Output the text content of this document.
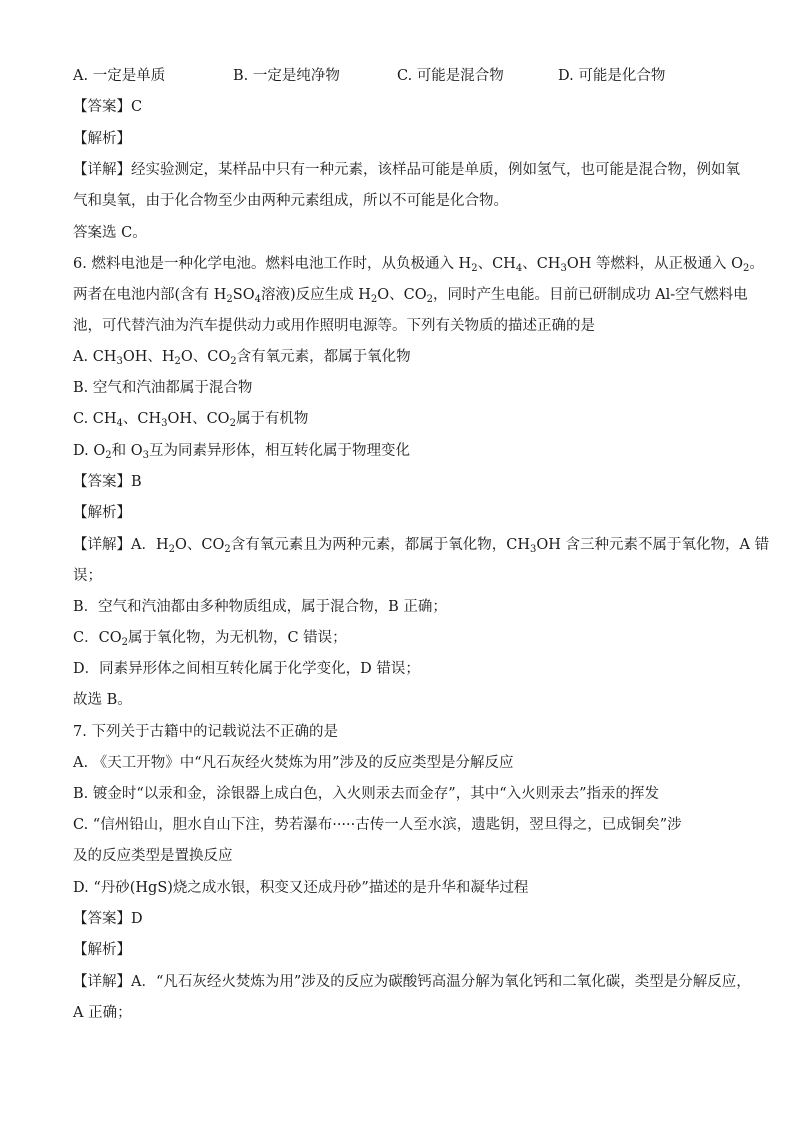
A. 一定是单质	B. 一定是纯净物	C. 可能是混合物	D. 可能是化合物
【答案】C
【解析】
【详解】经实验测定，某样品中只有一种元素，该样品可能是单质，例如氢气，也可能是混合物，例如氧
气和臭氧，由于化合物至少由两种元素组成，所以不可能是化合物。
答案选 C。
6. 燃料电池是一种化学电池。燃料电池工作时，从负极通入 $H_2$、$CH_4$、$CH_3OH$ 等燃料，从正极通入 $O_2$。
两者在电池内部(含有 $H_2SO_4$溶液)反应生成 $H_2O$、$CO_2$，同时产生电能。目前已研制成功 Al-空气燃料电
池，可代替汽油为汽车提供动力或用作照明电源等。下列有关物质的描述正确的是
A. $CH_3OH$、$H_2O$、$CO_2$含有氧元素，都属于氧化物
B. 空气和汽油都属于混合物
C. $CH_4$、$CH_3OH$、$CO_2$属于有机物
D. $O_2$和 $O_3$互为同素异形体，相互转化属于物理变化
【答案】B
【解析】
【详解】A．$H_2O$、$CO_2$含有氧元素且为两种元素，都属于氧化物，$CH_3OH$ 含三种元素不属于氧化物，A 错
误；
B．空气和汽油都由多种物质组成，属于混合物，B 正确；
C．$CO_2$属于氧化物，为无机物，C 错误；
D．同素异形体之间相互转化属于化学变化，D 错误；
故选 B。
7. 下列关于古籍中的记载说法不正确的是
A. 《天工开物》中“凡石灰经火焚炼为用”涉及的反应类型是分解反应
B. 镀金时“以汞和金，涂银器上成白色，入火则汞去而金存”，其中“入火则汞去”指汞的挥发
C. “信州铅山，胆水自山下注，势若瀑布·····古传一人至水滨，遗匙钥，翌旦得之，已成铜矣”涉
及的反应类型是置换反应
D. “丹砂(HgS)烧之成水银，积变又还成丹砂”描述的是升华和凝华过程
【答案】D
【解析】
【详解】A．“凡石灰经火焚炼为用”涉及的反应为碳酸钙高温分解为氧化钙和二氧化碳，类型是分解反应，
A 正确；
